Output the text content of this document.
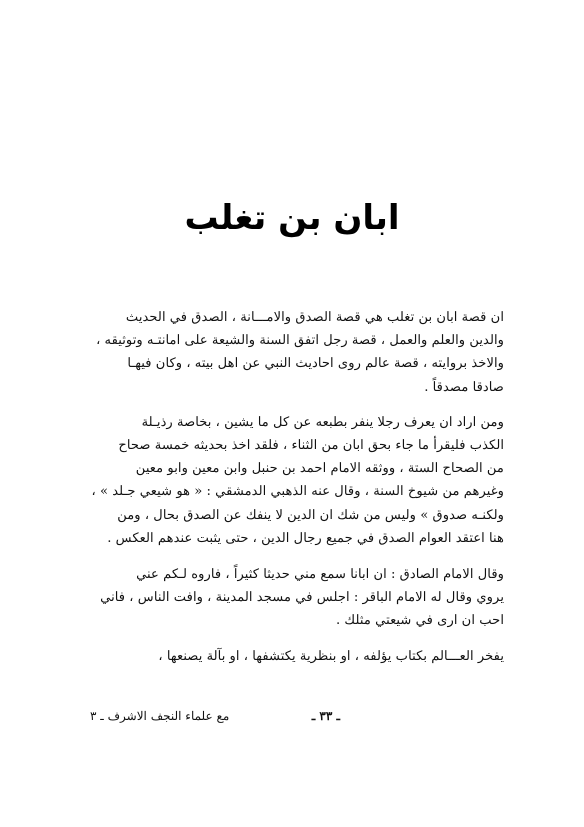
ابان بن تغلب

ان قصة ابان بن تغلب هي قصة الصدق والامـــانة ، الصدق في الحديث
والدين والعلم والعمل ، قصة رجل اتفق السنة والشيعة على امانتـه وتوثيقه ،
والاخذ بروايته ، قصة عالم روى احاديث النبي عن اهل بيته ، وكان فيهـا
صادقا مصدقاً .

ومن اراد ان يعرف رجلا ينفر بطبعه عن كل ما يشين ، بخاصة رذيـلة
الكذب فليقرأ ما جاء بحق ابان من الثناء ، فلقد اخذ بحديثه خمسة صحاح
من الصحاح الستة ، ووثقه الامام احمد بن حنبل وابن معين وابو معين
وغيرهم من شيوخ السنة ، وقال عنه الذهبي الدمشقي : « هو شيعي جـلد » ،
ولكنـه صدوق » وليس من شك ان الدين لا ينفك عن الصدق بحال ، ومن
هنا اعتقد العوام الصدق في جميع رجال الدين ، حتى يثبت عندهم العكس .

وقال الامام الصادق : ان ابانا سمع مني حديثا كثيراً ، فاروه لـكم عني
يروي وقال له الامام الباقر : اجلس في مسجد المدينة ، وافت الناس ، فاني
احب ان ارى في شيعتي مثلك .

يفخر العـــالم بكتاب يؤلفه ، او بنظرية يكتشفها ، او بآلة يصنعها ،

ـ ٣٣ ـ
مع علماء النجف الاشرف ـ ٣
